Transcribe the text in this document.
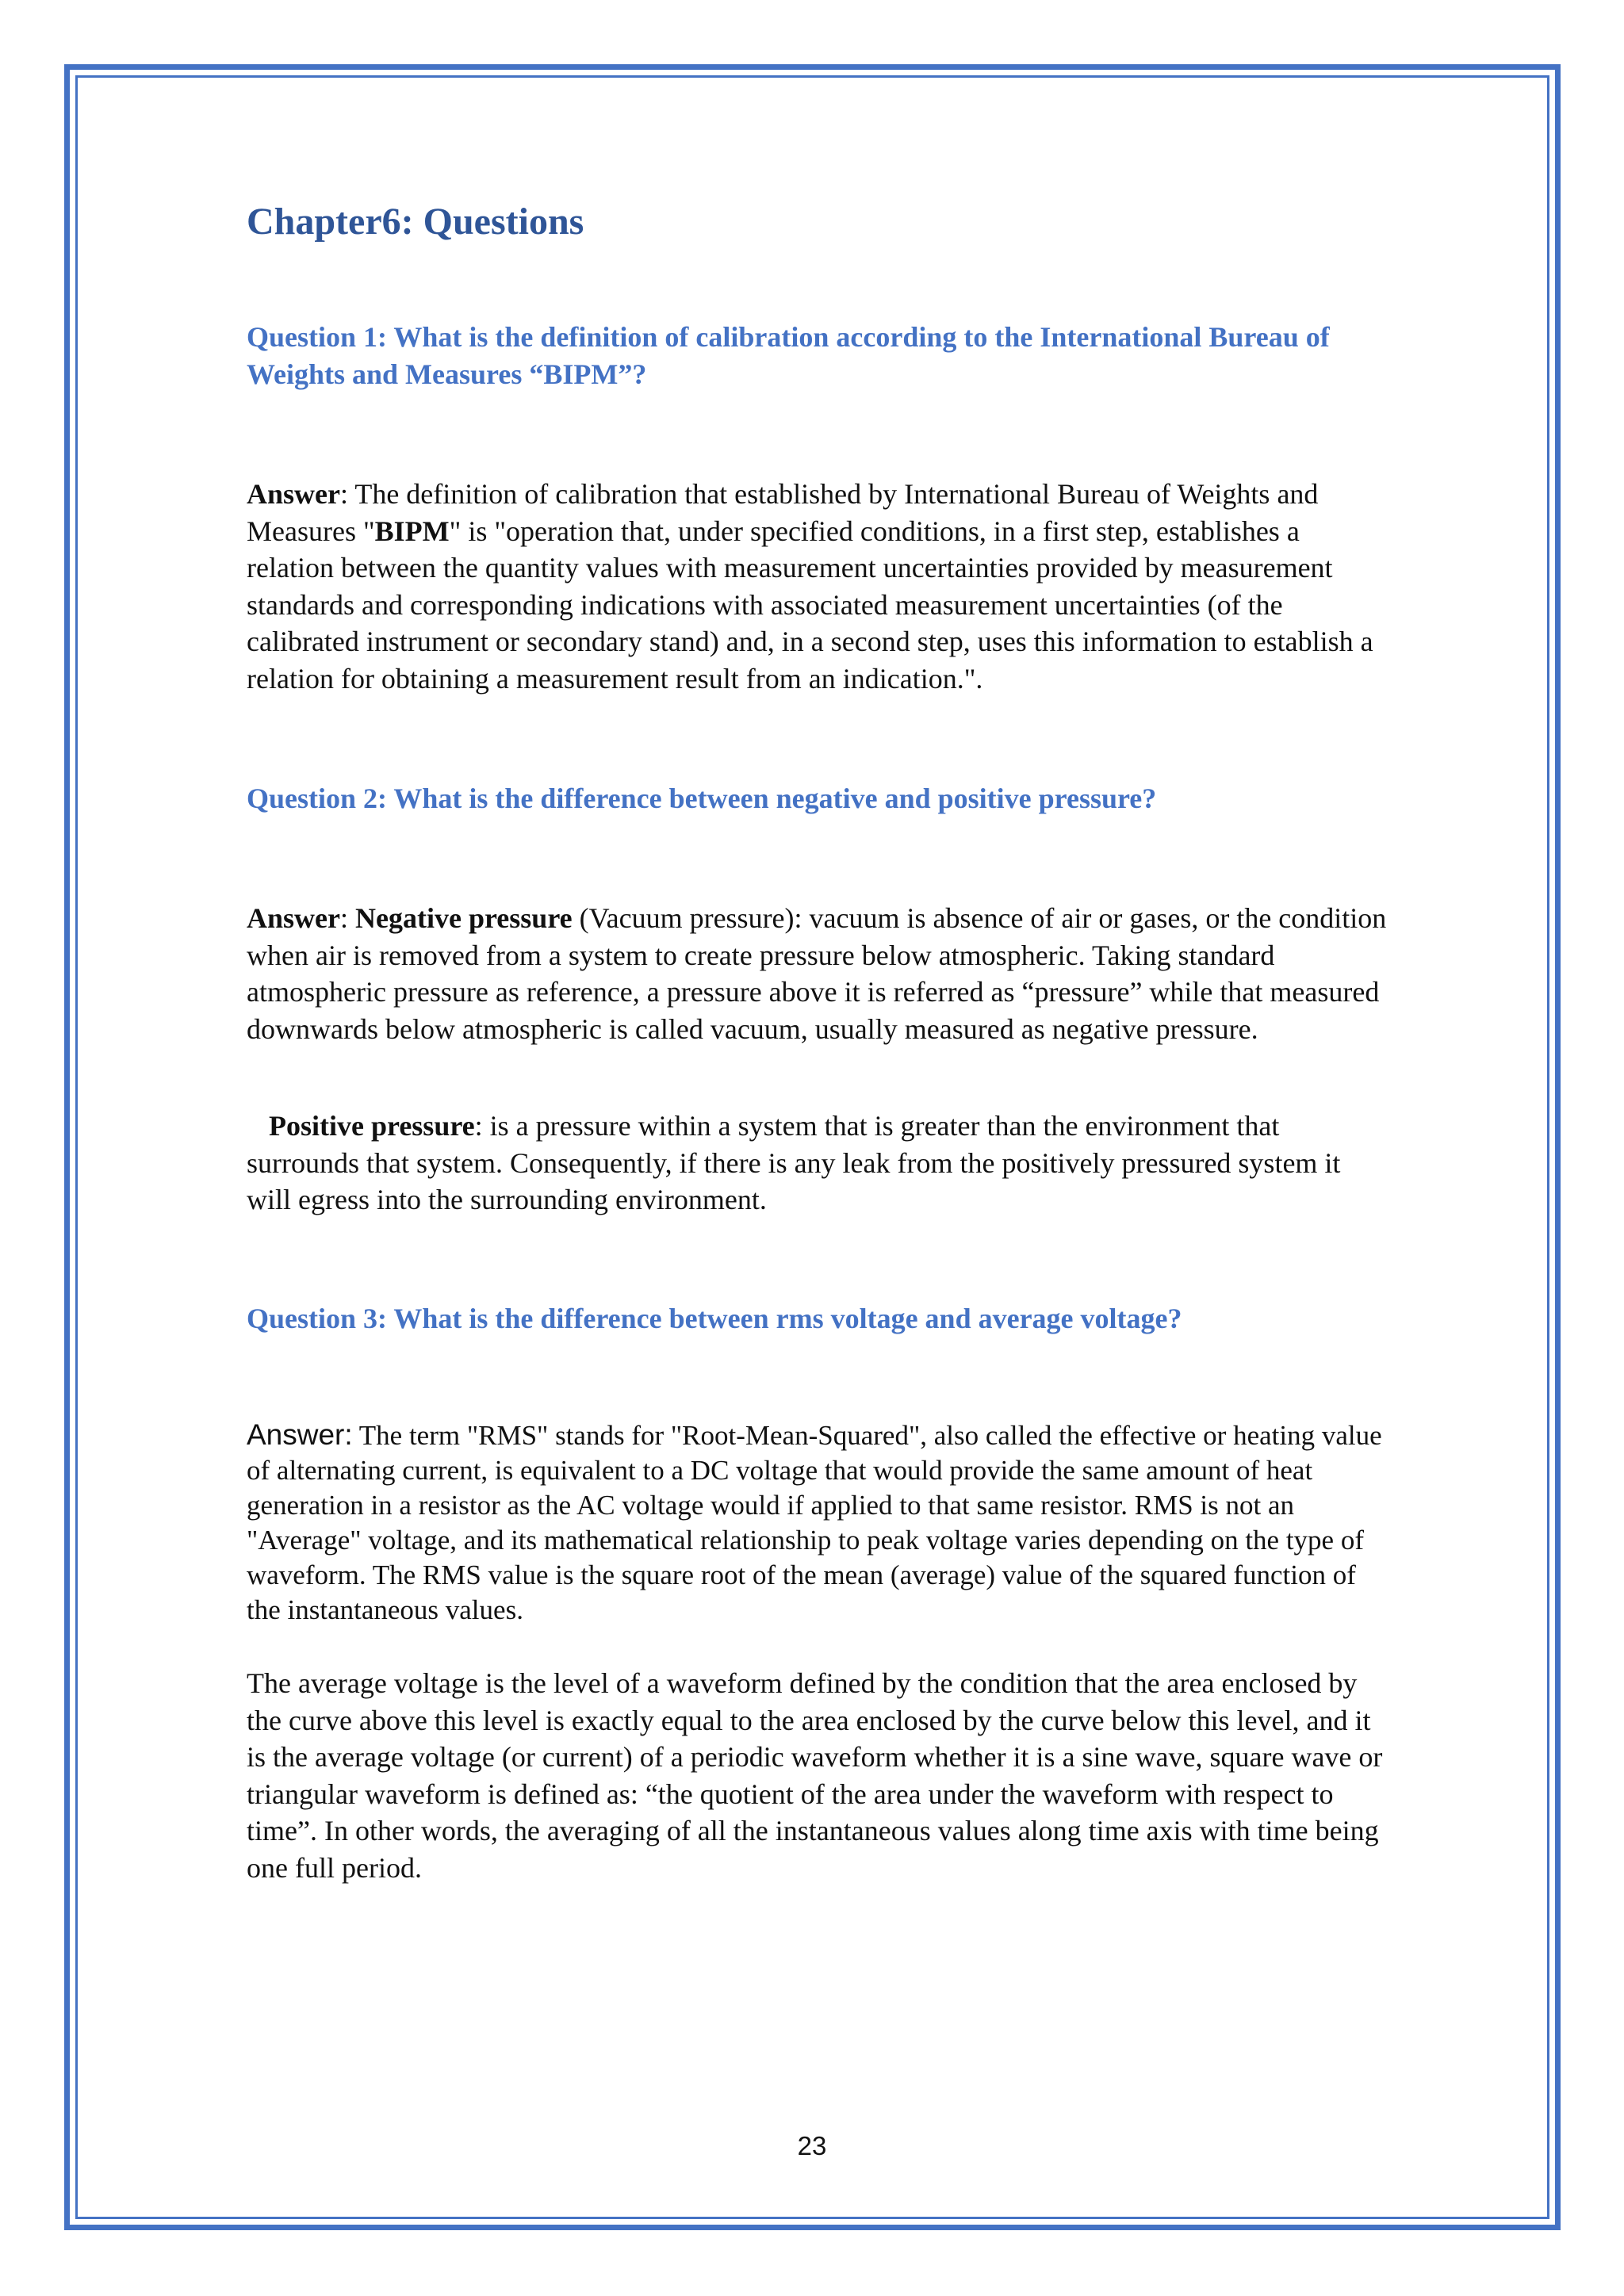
Chapter6: Questions

Question 1: What is the definition of calibration according to the International Bureau of Weights and Measures “BIPM”?

Answer: The definition of calibration that established by International Bureau of Weights and Measures "BIPM" is "operation that, under specified conditions, in a first step, establishes a relation between the quantity values with measurement uncertainties provided by measurement standards and corresponding indications with associated measurement uncertainties (of the calibrated instrument or secondary stand) and, in a second step, uses this information to establish a relation for obtaining a measurement result from an indication.".

Question 2: What is the difference between negative and positive pressure?

Answer: Negative pressure (Vacuum pressure): vacuum is absence of air or gases, or the condition when air is removed from a system to create pressure below atmospheric. Taking standard atmospheric pressure as reference, a pressure above it is referred as “pressure” while that measured downwards below atmospheric is called vacuum, usually measured as negative pressure.

Positive pressure: is a pressure within a system that is greater than the environment that surrounds that system. Consequently, if there is any leak from the positively pressured system it will egress into the surrounding environment.

Question 3: What is the difference between rms voltage and average voltage?

Answer: The term "RMS" stands for "Root-Mean-Squared", also called the effective or heating value of alternating current, is equivalent to a DC voltage that would provide the same amount of heat generation in a resistor as the AC voltage would if applied to that same resistor. RMS is not an "Average" voltage, and its mathematical relationship to peak voltage varies depending on the type of waveform. The RMS value is the square root of the mean (average) value of the squared function of the instantaneous values.

The average voltage is the level of a waveform defined by the condition that the area enclosed by the curve above this level is exactly equal to the area enclosed by the curve below this level, and it is the average voltage (or current) of a periodic waveform whether it is a sine wave, square wave or triangular waveform is defined as: “the quotient of the area under the waveform with respect to time”. In other words, the averaging of all the instantaneous values along time axis with time being one full period.

23
